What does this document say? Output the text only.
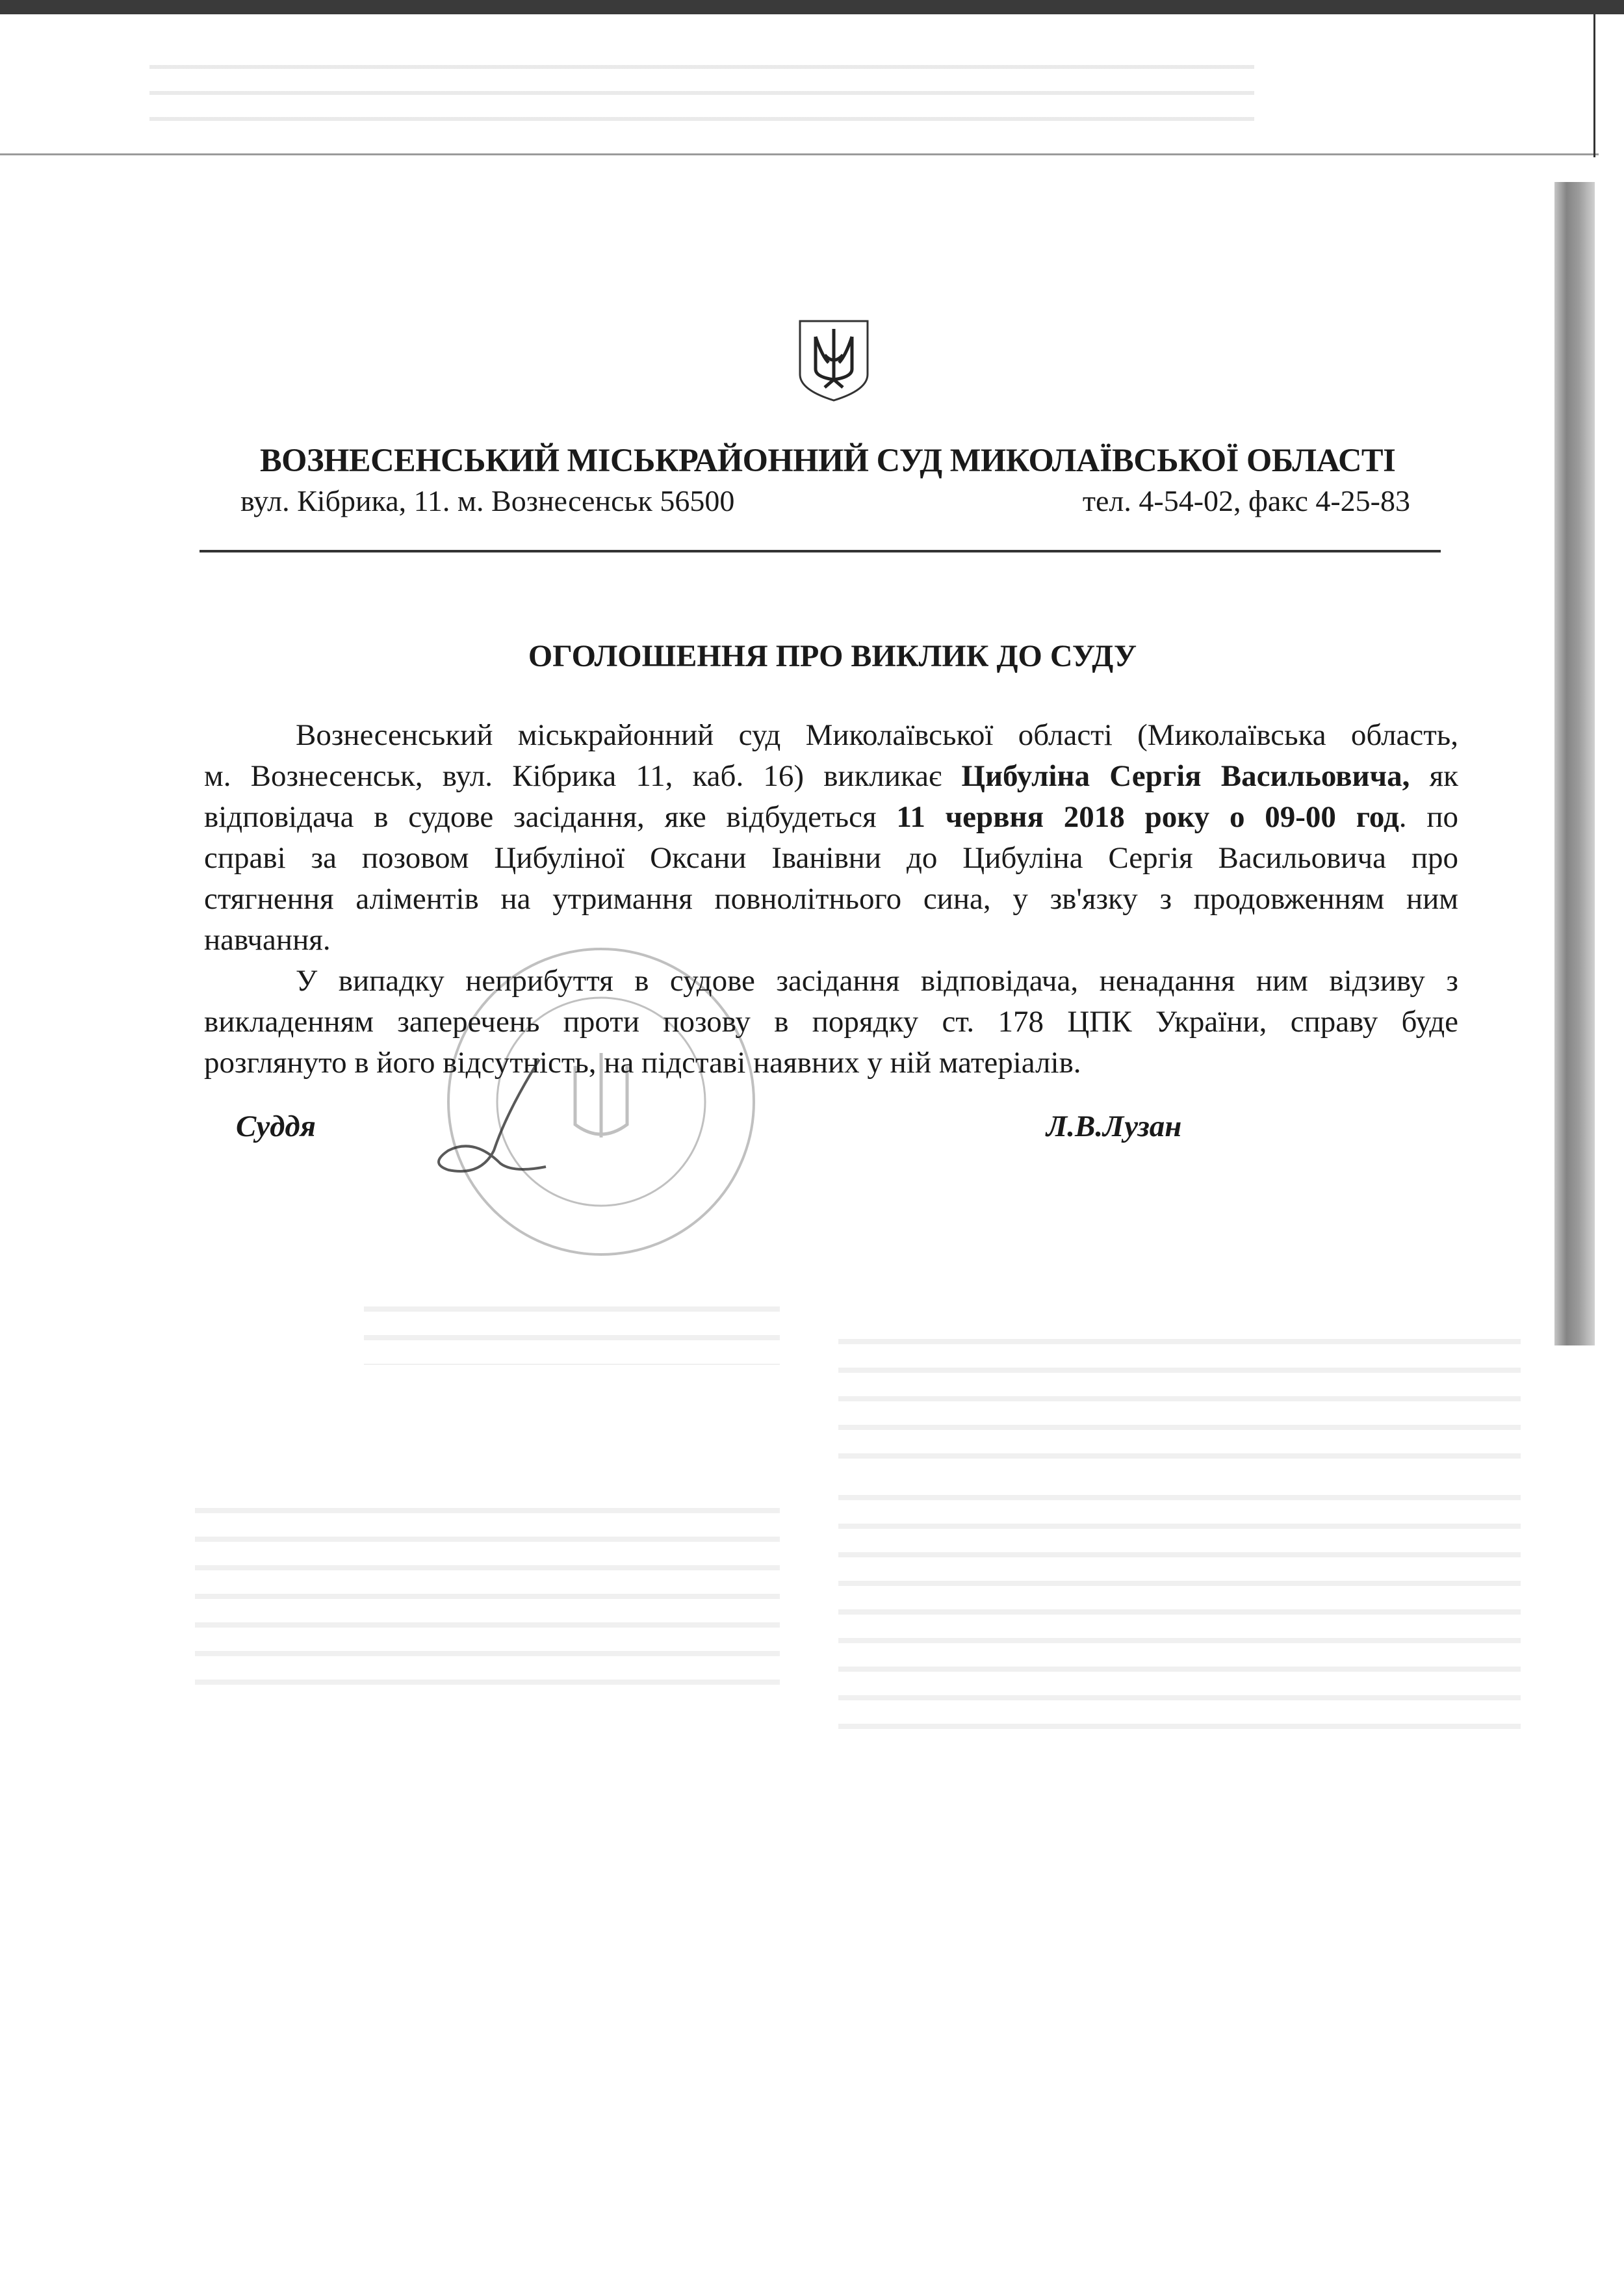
ВОЗНЕСЕНСЬКИЙ МІСЬКРАЙОННИЙ СУД МИКОЛАЇВСЬКОЇ ОБЛАСТІ
вул. Кібрика, 11. м. Вознесенськ 56500	тел. 4-54-02, факс 4-25-83
ОГОЛОШЕННЯ ПРО ВИКЛИК ДО СУДУ
Вознесенський міськрайонний суд Миколаївської області (Миколаївська область,
м. Вознесенськ, вул. Кібрика 11, каб. 16) викликає Цибуліна Сергія Васильовича, як
відповідача в судове засідання, яке відбудеться 11 червня 2018 року о 09-00 год. по
справі за позовом Цибуліної Оксани Іванівни до Цибуліна Сергія Васильовича про
стягнення аліментів на утримання повнолітнього сина, у зв'язку з продовженням ним
навчання.
У випадку неприбуття в судове засідання відповідача, ненадання ним відзиву з
викладенням заперечень проти позову в порядку ст. 178 ЦПК України, справу буде
розглянуто в його відсутність, на підставі наявних у ній матеріалів.
Суддя	Л.В.Лузан
